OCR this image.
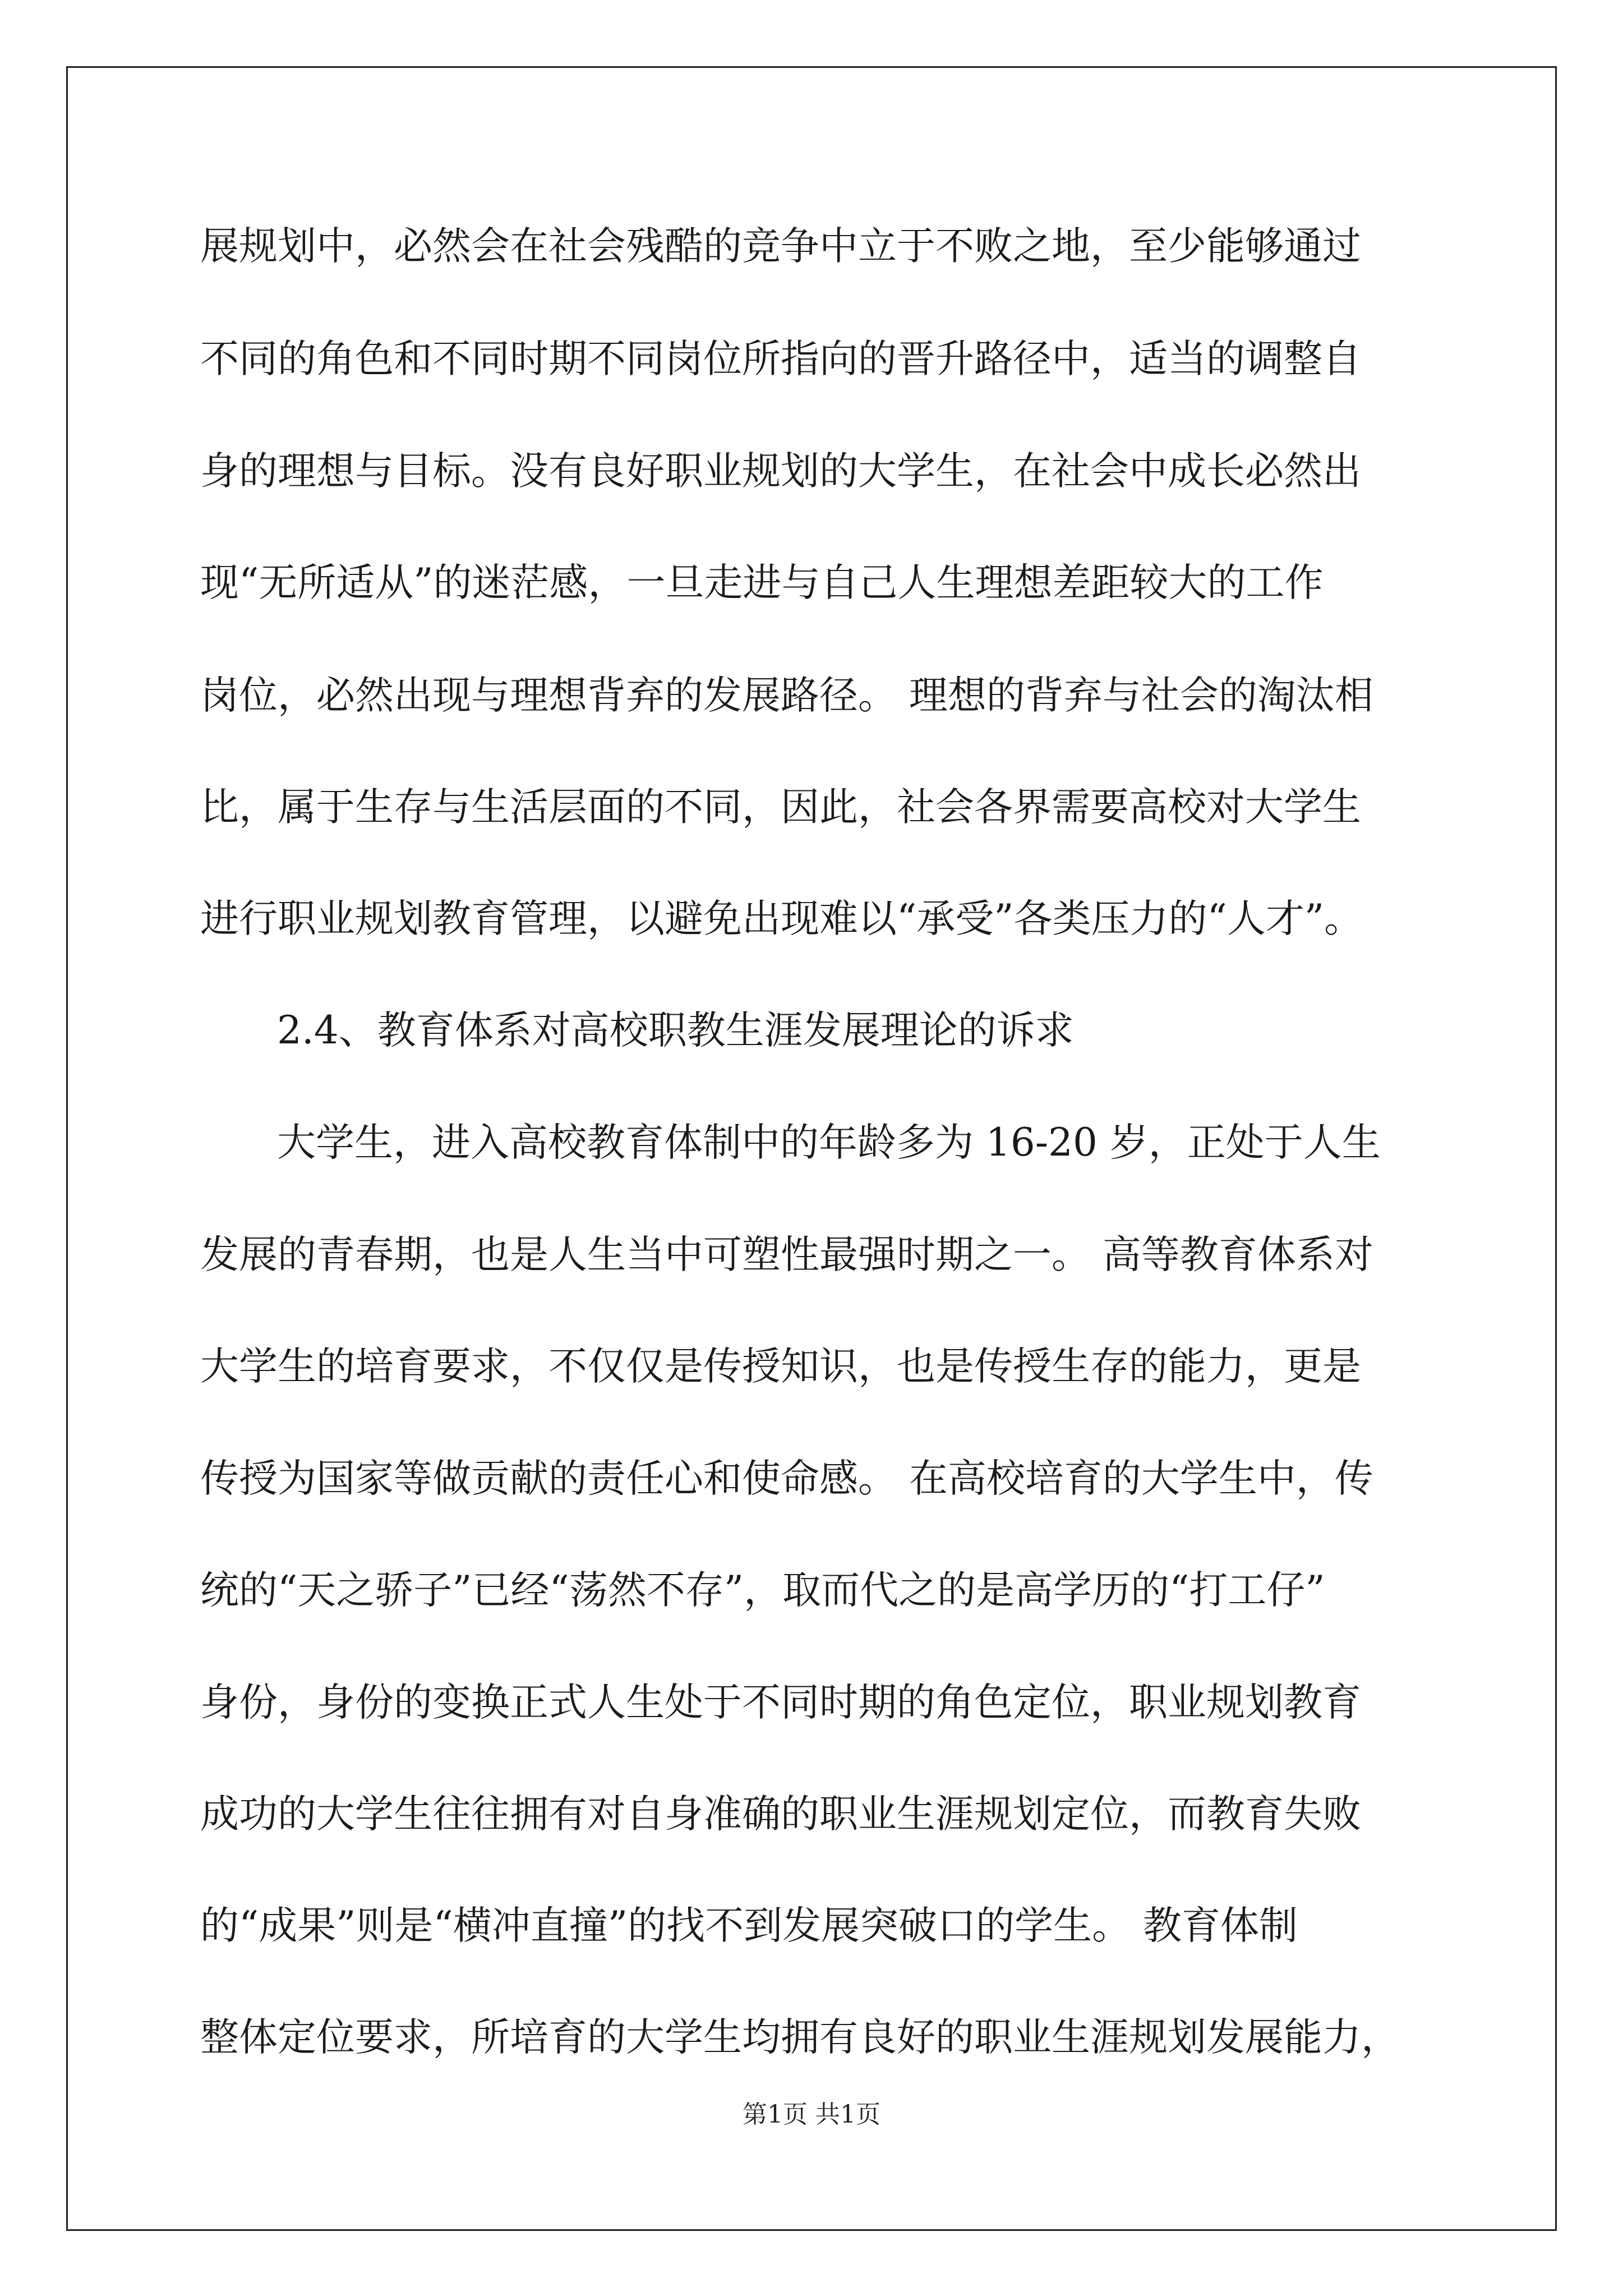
展规划中，必然会在社会残酷的竞争中立于不败之地，至少能够通过

不同的角色和不同时期不同岗位所指向的晋升路径中，适当的调整自

身的理想与目标。没有良好职业规划的大学生，在社会中成长必然出

现“无所适从”的迷茫感，一旦走进与自己人生理想差距较大的工作

岗位，必然出现与理想背弃的发展路径。 理想的背弃与社会的淘汰相

比，属于生存与生活层面的不同，因此，社会各界需要高校对大学生

进行职业规划教育管理，以避免出现难以“承受”各类压力的“人才”。

2.4、教育体系对高校职教生涯发展理论的诉求

大学生，进入高校教育体制中的年龄多为 16-20 岁，正处于人生

发展的青春期，也是人生当中可塑性最强时期之一。 高等教育体系对

大学生的培育要求，不仅仅是传授知识，也是传授生存的能力，更是

传授为国家等做贡献的责任心和使命感。 在高校培育的大学生中，传

统的“天之骄子”已经“荡然不存”，取而代之的是高学历的“打工仔”

身份，身份的变换正式人生处于不同时期的角色定位，职业规划教育

成功的大学生往往拥有对自身准确的职业生涯规划定位，而教育失败

的“成果”则是“横冲直撞”的找不到发展突破口的学生。 教育体制

整体定位要求，所培育的大学生均拥有良好的职业生涯规划发展能力，

第1页 共1页
